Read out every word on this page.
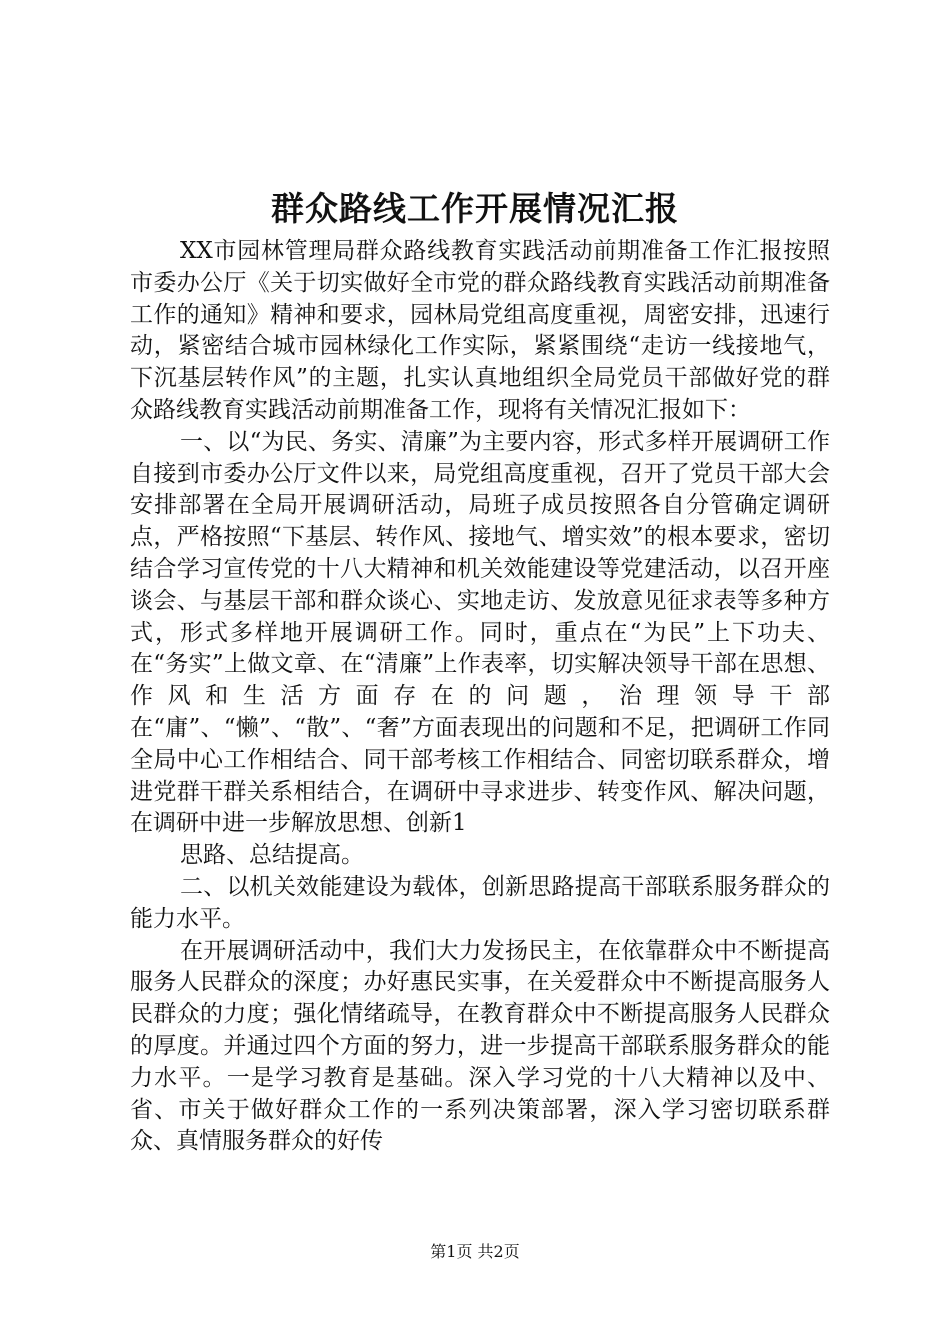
群众路线工作开展情况汇报

XX市园林管理局群众路线教育实践活动前期准备工作汇报按照市委办公厅《关于切实做好全市党的群众路线教育实践活动前期准备工作的通知》精神和要求，园林局党组高度重视，周密安排，迅速行动，紧密结合城市园林绿化工作实际，紧紧围绕“走访一线接地气，下沉基层转作风”的主题，扎实认真地组织全局党员干部做好党的群众路线教育实践活动前期准备工作，现将有关情况汇报如下：

一、以“为民、务实、清廉”为主要内容，形式多样开展调研工作自接到市委办公厅文件以来，局党组高度重视，召开了党员干部大会安排部署在全局开展调研活动，局班子成员按照各自分管确定调研点，严格按照“下基层、转作风、接地气、增实效”的根本要求，密切结合学习宣传党的十八大精神和机关效能建设等党建活动，以召开座谈会、与基层干部和群众谈心、实地走访、发放意见征求表等多种方式，形式多样地开展调研工作。同时，重点在“为民”上下功夫、在“务实”上做文章、在“清廉”上作表率，切实解决领导干部在思想、作风和生活方面存在的问题，治理领导干部在“庸”、“懒”、“散”、“奢”方面表现出的问题和不足，把调研工作同全局中心工作相结合、同干部考核工作相结合、同密切联系群众，增进党群干群关系相结合，在调研中寻求进步、转变作风、解决问题，在调研中进一步解放思想、创新1

思路、总结提高。

二、以机关效能建设为载体，创新思路提高干部联系服务群众的能力水平。

在开展调研活动中，我们大力发扬民主，在依靠群众中不断提高服务人民群众的深度；办好惠民实事，在关爱群众中不断提高服务人民群众的力度；强化情绪疏导，在教育群众中不断提高服务人民群众的厚度。并通过四个方面的努力，进一步提高干部联系服务群众的能力水平。一是学习教育是基础。深入学习党的十八大精神以及中、省、市关于做好群众工作的一系列决策部署，深入学习密切联系群众、真情服务群众的好传

第1页 共2页
